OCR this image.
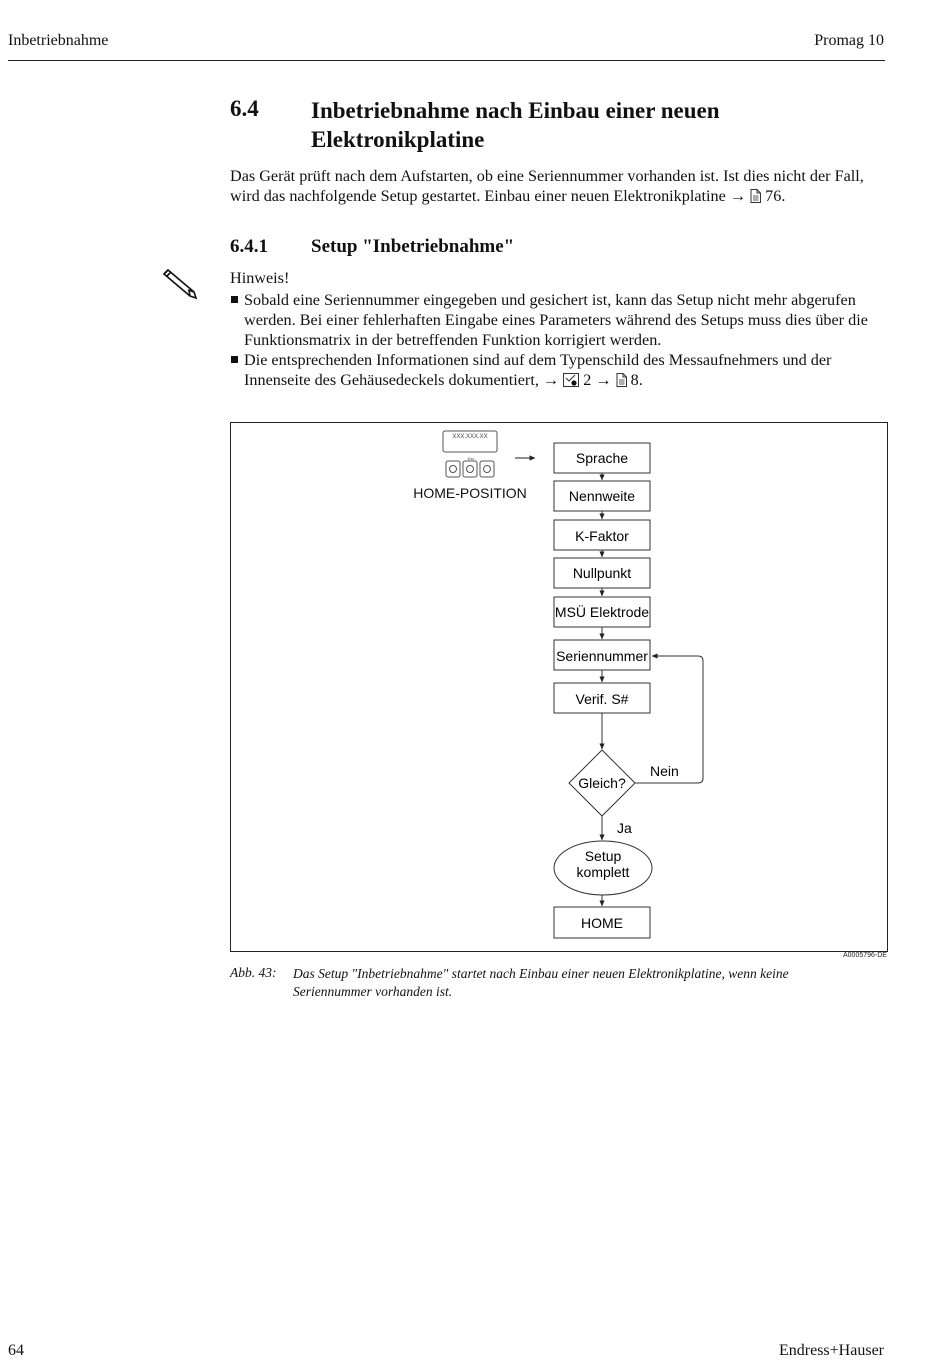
Inbetriebnahme	Promag 10
6.4 Inbetriebnahme nach Einbau einer neuen Elektronikplatine
Das Gerät prüft nach dem Aufstarten, ob eine Seriennummer vorhanden ist. Ist dies nicht der Fall, wird das nachfolgende Setup gestartet. Einbau einer neuen Elektronikplatine → 76.
6.4.1 Setup "Inbetriebnahme"
Hinweis!
Sobald eine Seriennummer eingegeben und gesichert ist, kann das Setup nicht mehr abgerufen werden. Bei einer fehlerhaften Eingabe eines Parameters während des Setups muss dies über die Funktionsmatrix in der betreffenden Funktion korrigiert werden.
Die entsprechenden Informationen sind auf dem Typenschild des Messaufnehmers und der Innenseite des Gehäusedeckels dokumentiert, → 2 → 8.
XXX.XXX.XX
Esc
HOME-POSITION
Sprache
Nennweite
K-Faktor
Nullpunkt
MSÜ Elektrode
Seriennummer
Verif. S#
Gleich?
Nein
Ja
Setup
komplett
HOME
A0005796-DE
Abb. 43: Das Setup "Inbetriebnahme" startet nach Einbau einer neuen Elektronikplatine, wenn keine Seriennummer vorhanden ist.
64	Endress+Hauser
